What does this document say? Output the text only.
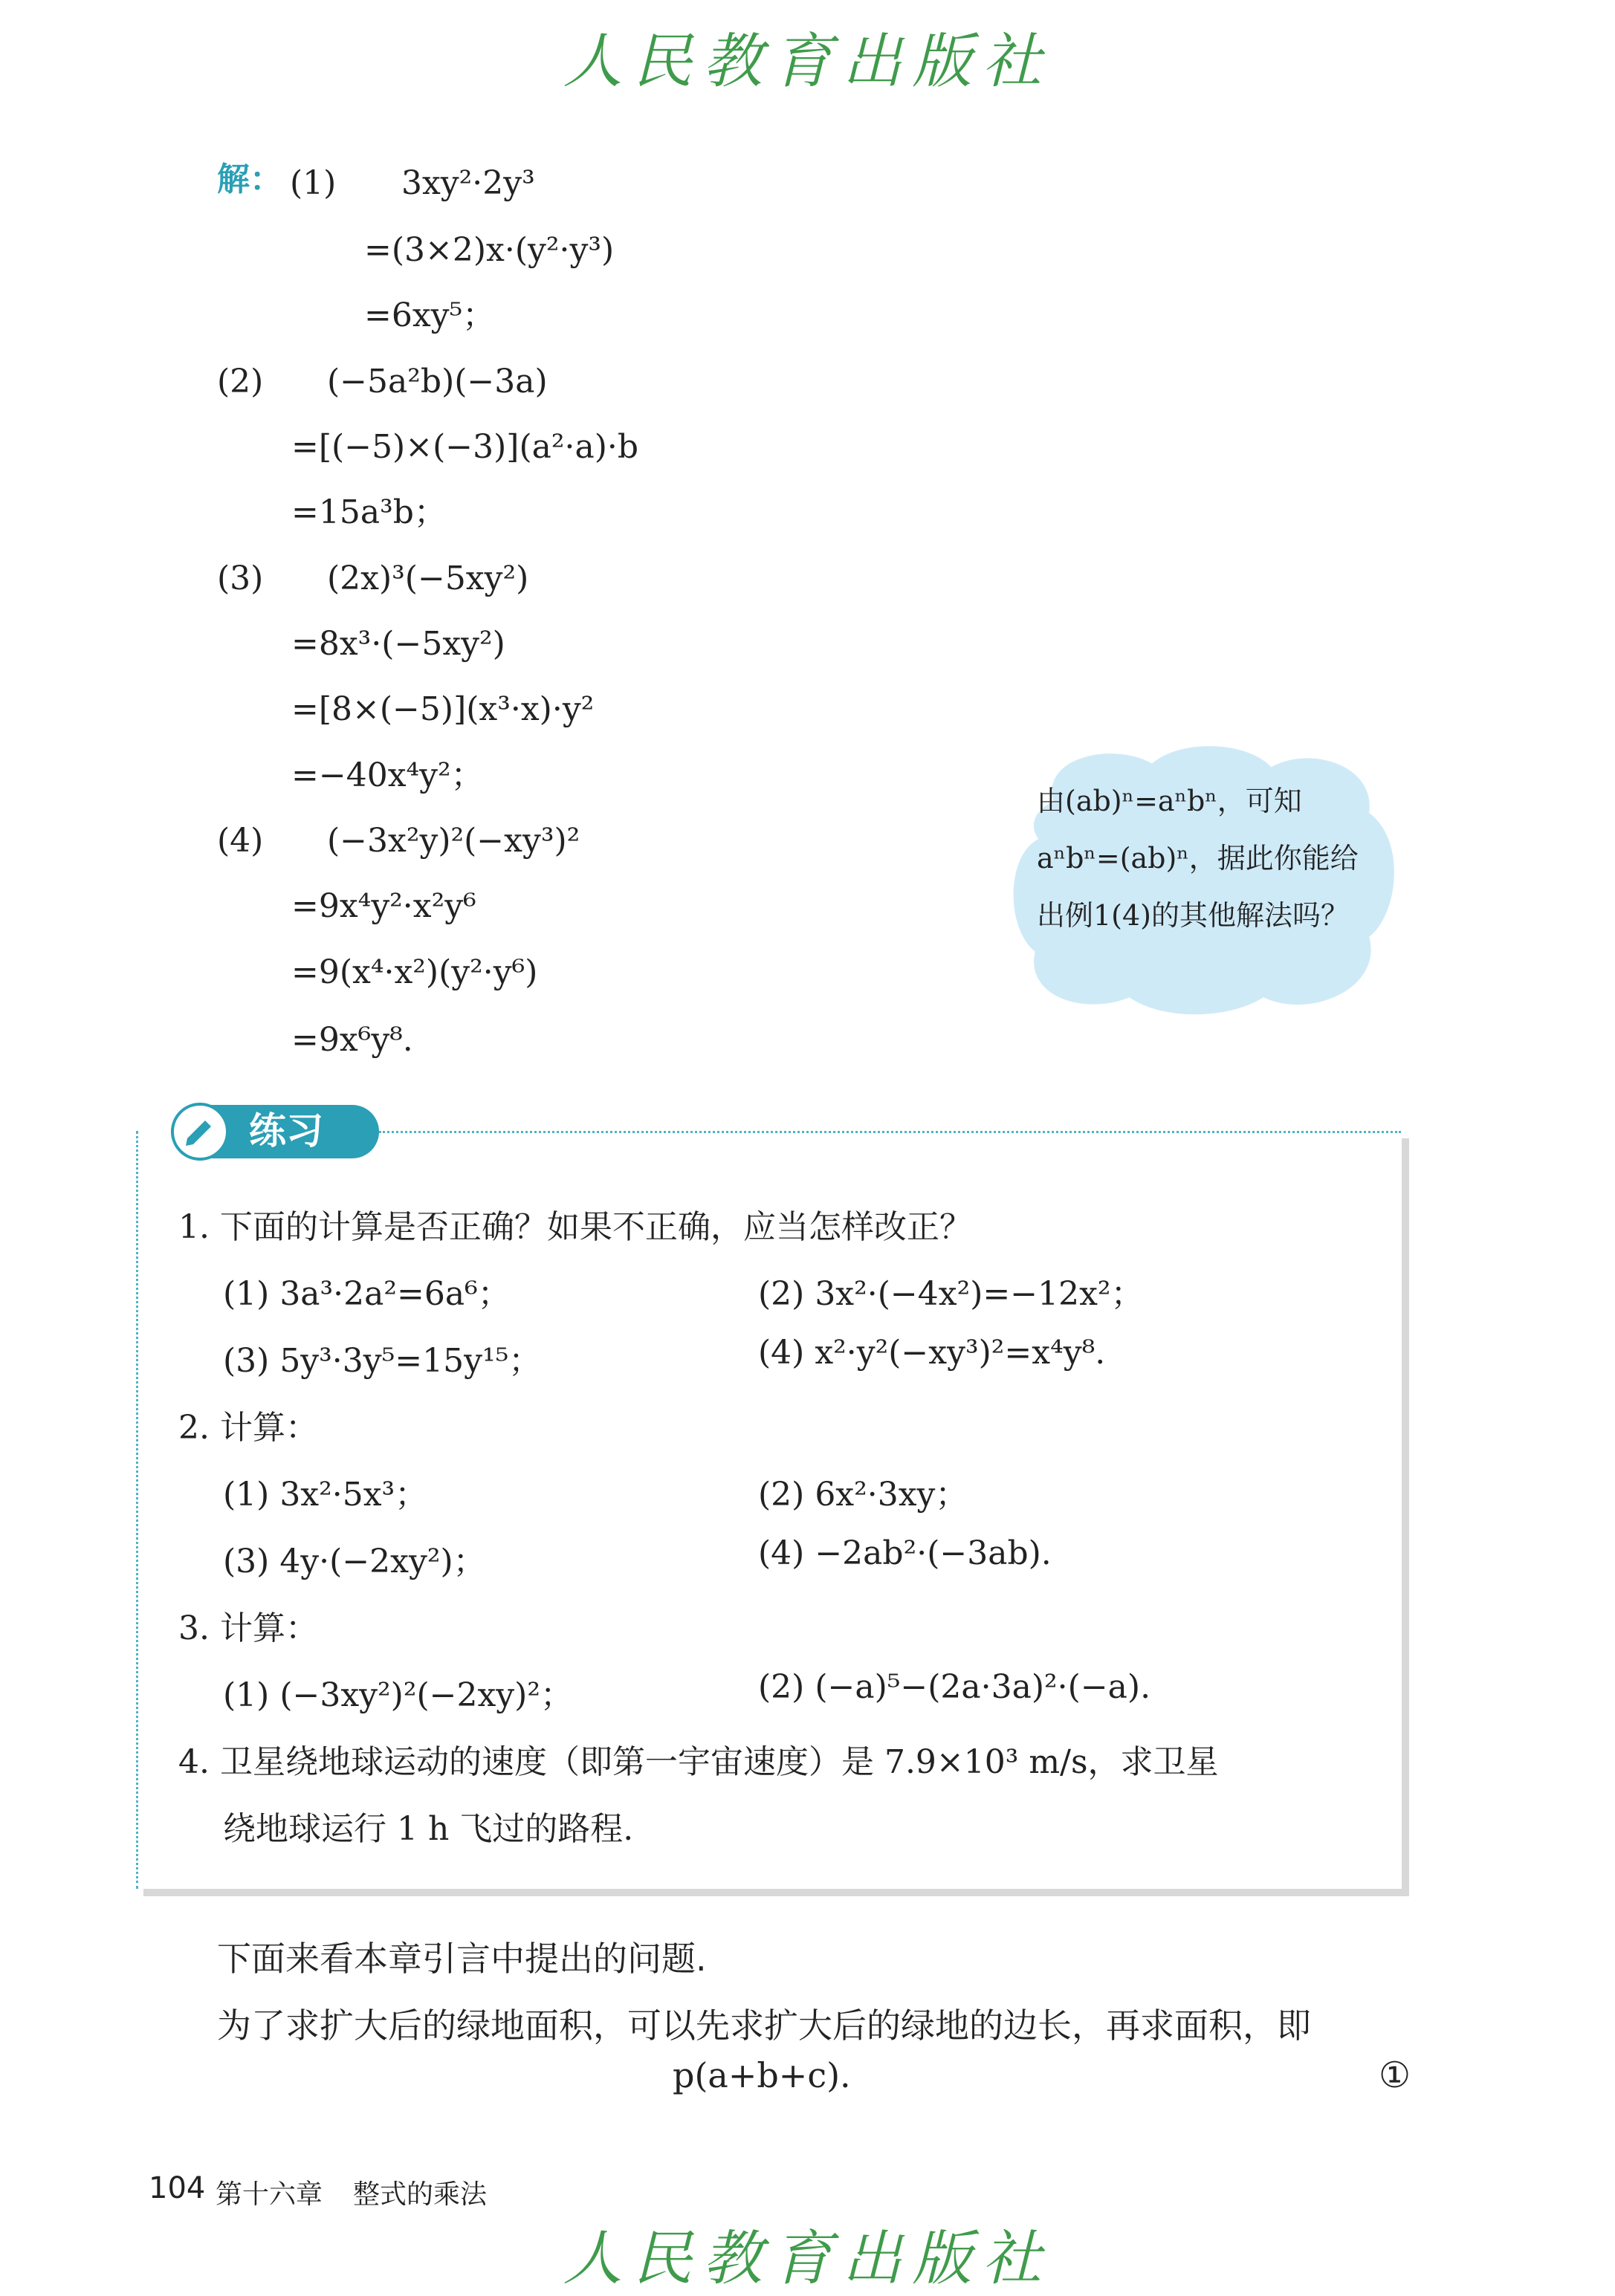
人民教育出版社
解： (1) 3xy²·2y³
=(3×2)x·(y²·y³)
=6xy⁵；
(2) (−5a²b)(−3a)
=[(−5)×(−3)](a²·a)·b
=15a³b；
(3) (2x)³(−5xy²)
=8x³·(−5xy²)
=[8×(−5)](x³·x)·y²
=−40x⁴y²；
(4) (−3x²y)²(−xy³)²
=9x⁴y²·x²y⁶
=9(x⁴·x²)(y²·y⁶)
=9x⁶y⁸.
由(ab)ⁿ=aⁿbⁿ，可知aⁿbⁿ=(ab)ⁿ，据此你能给出例1(4)的其他解法吗？
练习
1. 下面的计算是否正确？如果不正确，应当怎样改正？
(1) 3a³·2a²=6a⁶；	(2) 3x²·(−4x²)=−12x²；
(3) 5y³·3y⁵=15y¹⁵；	(4) x²·y²(−xy³)²=x⁴y⁸.
2. 计算：
(1) 3x²·5x³；	(2) 6x²·3xy；
(3) 4y·(−2xy²)；	(4) −2ab²·(−3ab).
3. 计算：
(1) (−3xy²)²(−2xy)²；	(2) (−a)⁵−(2a·3a)²·(−a).
4. 卫星绕地球运动的速度（即第一宇宙速度）是 7.9×10³ m/s，求卫星
绕地球运行 1 h 飞过的路程.
下面来看本章引言中提出的问题.
为了求扩大后的绿地面积，可以先求扩大后的绿地的边长，再求面积，即
p(a+b+c).	①
104 第十六章 整式的乘法
人民教育出版社
